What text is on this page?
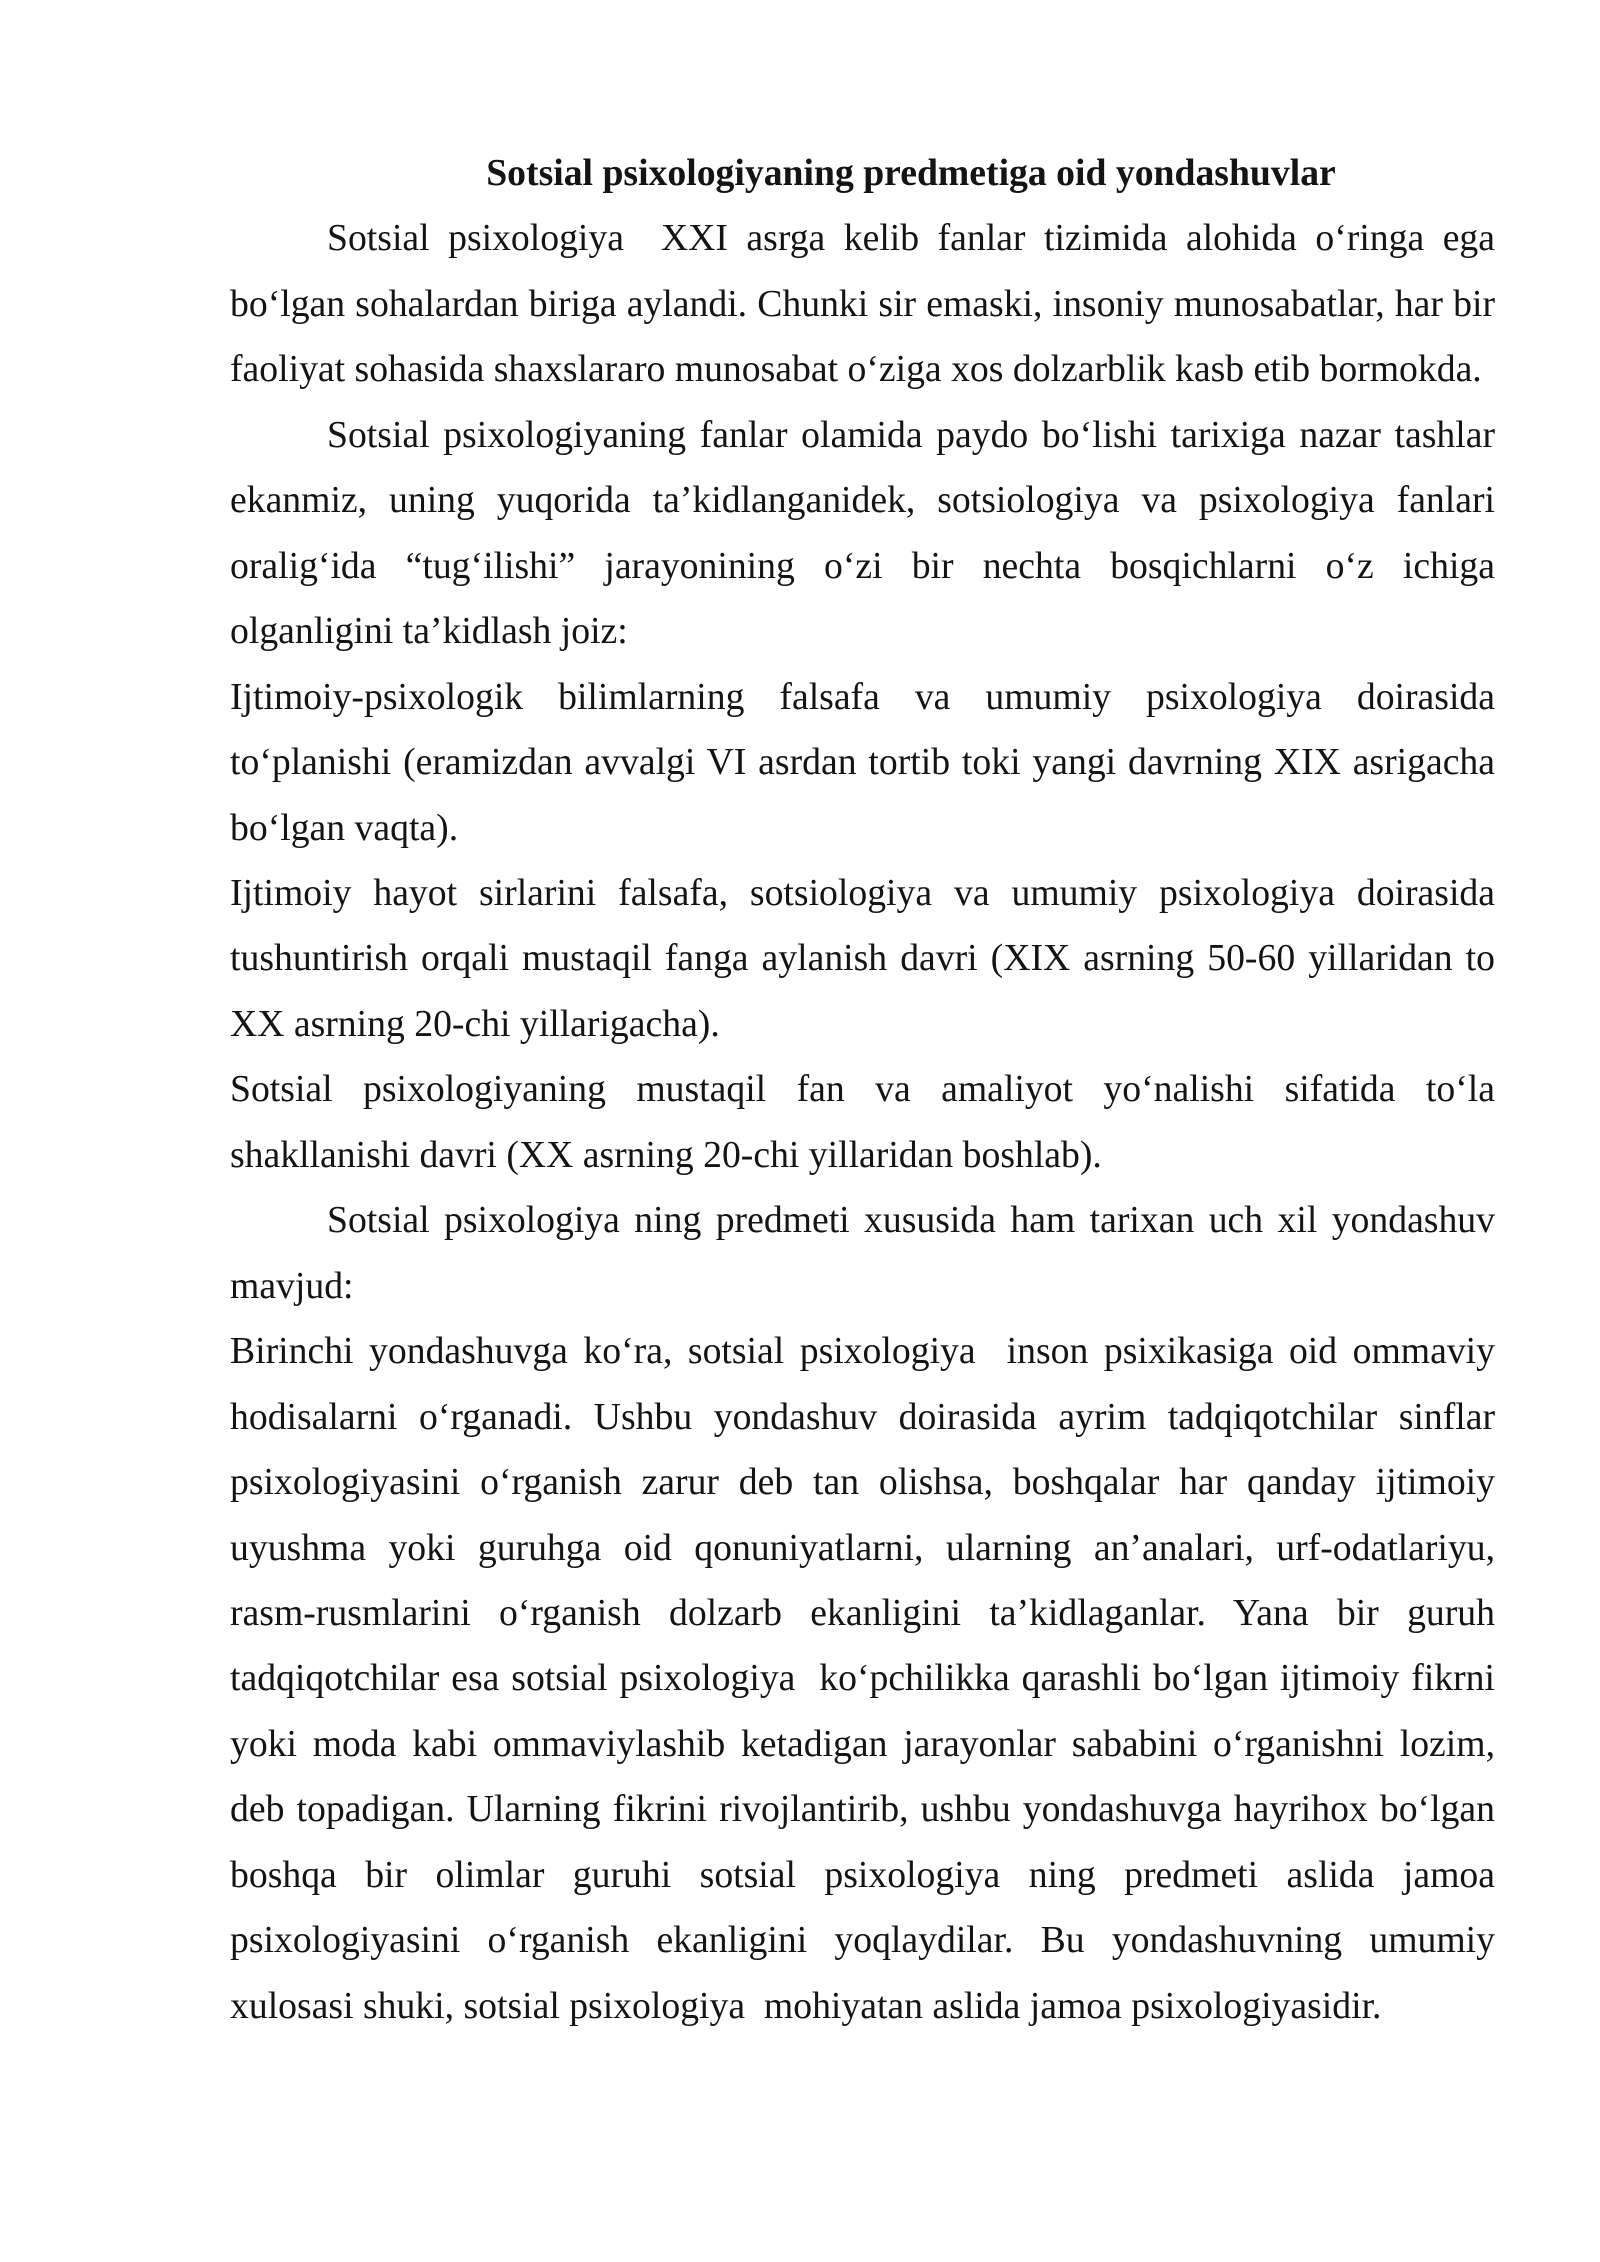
Sotsial psixologiyaning predmetiga oid yondashuvlar
Sotsial psixologiya  XXI asrga kelib fanlar tizimida alohida o‘ringa ega
bo‘lgan sohalardan biriga aylandi. Chunki sir emaski, insoniy munosabatlar, har bir
faoliyat sohasida shaxslararo munosabat o‘ziga xos dolzarblik kasb etib bormokda.
Sotsial psixologiyaning fanlar olamida paydo bo‘lishi tarixiga nazar tashlar
ekanmiz, uning yuqorida ta’kidlanganidek, sotsiologiya va psixologiya fanlari
oralig‘ida “tug‘ilishi” jarayonining o‘zi bir nechta bosqichlarni o‘z ichiga
olganligini ta’kidlash joiz:
Ijtimoiy-psixologik bilimlarning falsafa va umumiy psixologiya doirasida
to‘planishi (eramizdan avvalgi VI asrdan tortib toki yangi davrning XIX asrigacha
bo‘lgan vaqta).
Ijtimoiy hayot sirlarini falsafa, sotsiologiya va umumiy psixologiya doirasida
tushuntirish orqali mustaqil fanga aylanish davri (XIX asrning 50-60 yillaridan to
XX asrning 20-chi yillarigacha).
Sotsial psixologiyaning mustaqil fan va amaliyot yo‘nalishi sifatida to‘la
shakllanishi davri (XX asrning 20-chi yillaridan boshlab).
Sotsial psixologiya ning predmeti xususida ham tarixan uch xil yondashuv
mavjud:
Birinchi yondashuvga ko‘ra, sotsial psixologiya  inson psixikasiga oid ommaviy
hodisalarni o‘rganadi. Ushbu yondashuv doirasida ayrim tadqiqotchilar sinflar
psixologiyasini o‘rganish zarur deb tan olishsa, boshqalar har qanday ijtimoiy
uyushma yoki guruhga oid qonuniyatlarni, ularning an’analari, urf-odatlariyu,
rasm-rusmlarini o‘rganish dolzarb ekanligini ta’kidlaganlar. Yana bir guruh
tadqiqotchilar esa sotsial psixologiya  ko‘pchilikka qarashli bo‘lgan ijtimoiy fikrni
yoki moda kabi ommaviylashib ketadigan jarayonlar sababini o‘rganishni lozim,
deb topadigan. Ularning fikrini rivojlantirib, ushbu yondashuvga hayrihox bo‘lgan
boshqa bir olimlar guruhi sotsial psixologiya ning predmeti aslida jamoa
psixologiyasini o‘rganish ekanligini yoqlaydilar. Bu yondashuvning umumiy
xulosasi shuki, sotsial psixologiya  mohiyatan aslida jamoa psixologiyasidir.
